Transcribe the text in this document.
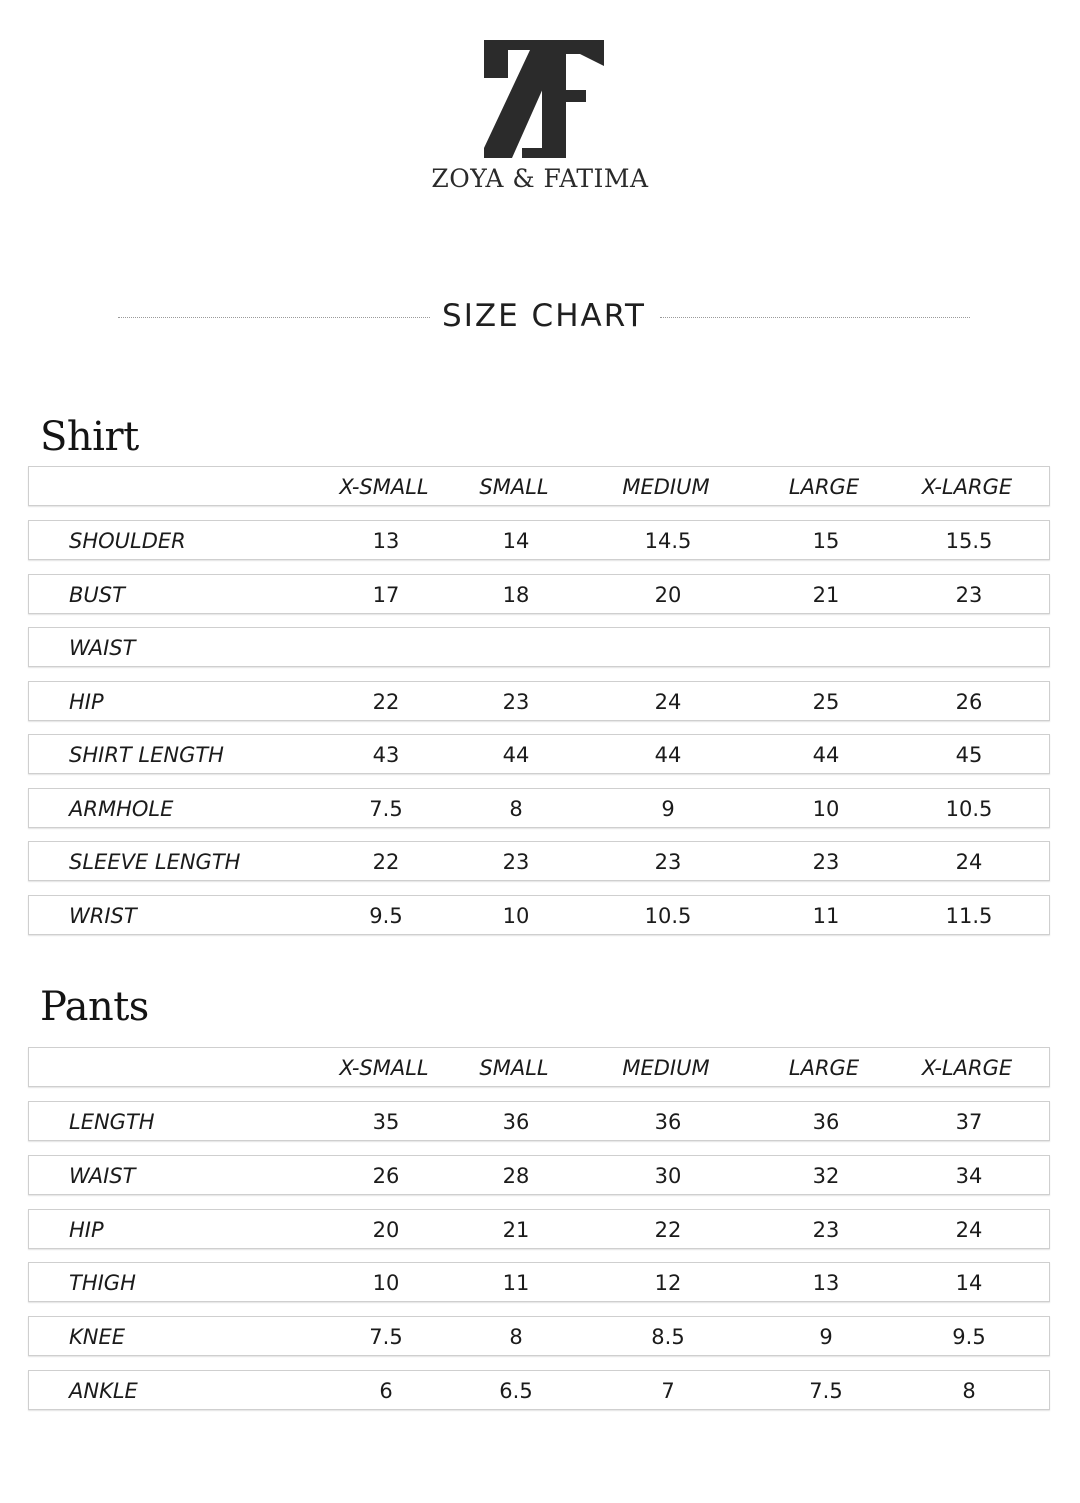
ZOYA & FATIMA
SIZE CHART
Shirt
X-SMALL	SMALL	MEDIUM	LARGE	X-LARGE
SHOULDER	13	14	14.5	15	15.5
BUST	17	18	20	21	23
WAIST
HIP	22	23	24	25	26
SHIRT LENGTH	43	44	44	44	45
ARMHOLE	7.5	8	9	10	10.5
SLEEVE LENGTH	22	23	23	23	24
WRIST	9.5	10	10.5	11	11.5
Pants
X-SMALL	SMALL	MEDIUM	LARGE	X-LARGE
LENGTH	35	36	36	36	37
WAIST	26	28	30	32	34
HIP	20	21	22	23	24
THIGH	10	11	12	13	14
KNEE	7.5	8	8.5	9	9.5
ANKLE	6	6.5	7	7.5	8
